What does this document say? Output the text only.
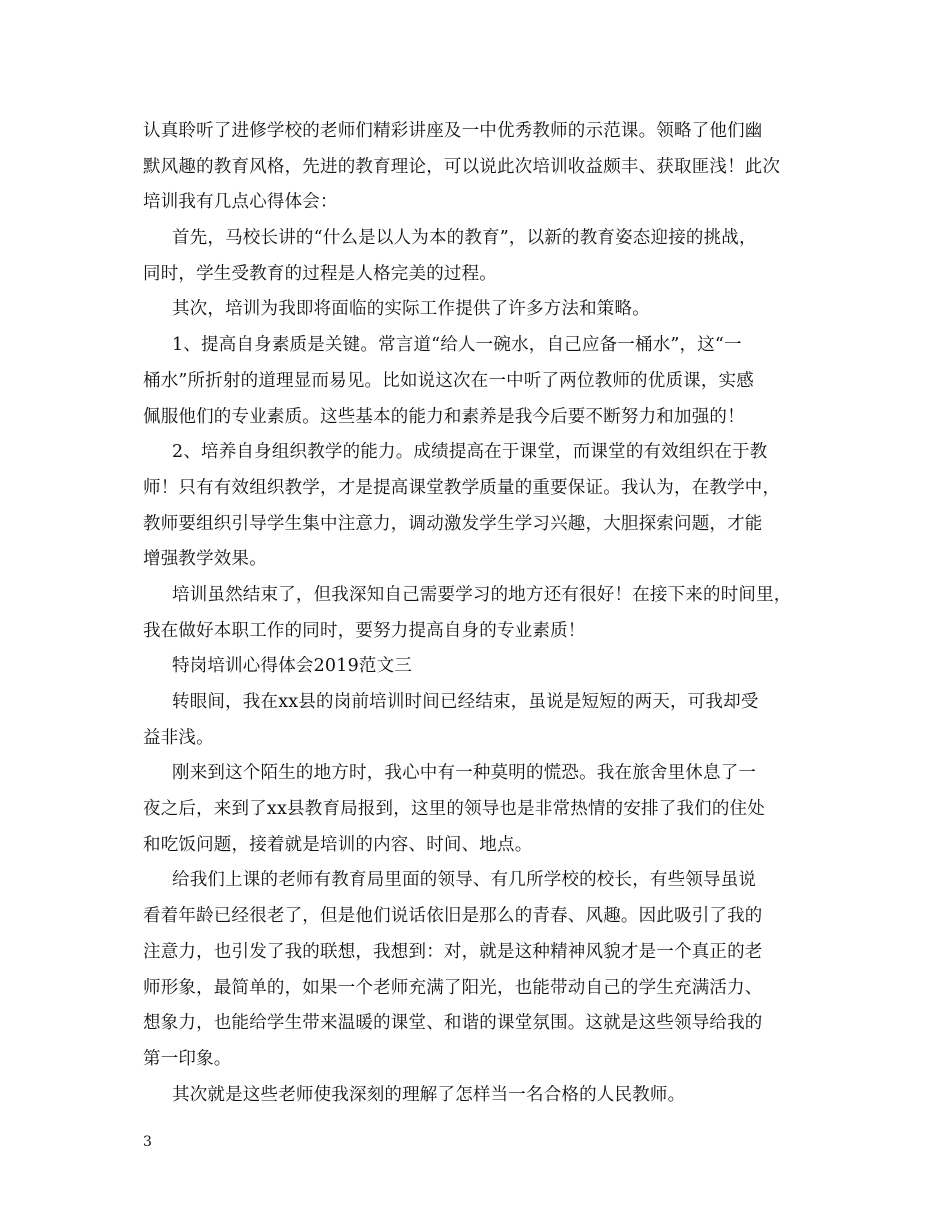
认真聆听了进修学校的老师们精彩讲座及一中优秀教师的示范课。领略了他们幽
默风趣的教育风格，先进的教育理论，可以说此次培训收益颇丰、获取匪浅！此次
培训我有几点心得体会：
首先，马校长讲的“什么是以人为本的教育”，以新的教育姿态迎接的挑战，
同时，学生受教育的过程是人格完美的过程。
其次，培训为我即将面临的实际工作提供了许多方法和策略。
1、提高自身素质是关键。常言道“给人一碗水，自己应备一桶水”，这“一
桶水”所折射的道理显而易见。比如说这次在一中听了两位教师的优质课，实感
佩服他们的专业素质。这些基本的能力和素养是我今后要不断努力和加强的！
2、培养自身组织教学的能力。成绩提高在于课堂，而课堂的有效组织在于教
师！只有有效组织教学，才是提高课堂教学质量的重要保证。我认为，在教学中，
教师要组织引导学生集中注意力，调动激发学生学习兴趣，大胆探索问题，才能
增强教学效果。
培训虽然结束了，但我深知自己需要学习的地方还有很好！在接下来的时间里，
我在做好本职工作的同时，要努力提高自身的专业素质！
特岗培训心得体会2019范文三
转眼间，我在xx县的岗前培训时间已经结束，虽说是短短的两天，可我却受
益非浅。
刚来到这个陌生的地方时，我心中有一种莫明的慌恐。我在旅舍里休息了一
夜之后，来到了xx县教育局报到，这里的领导也是非常热情的安排了我们的住处
和吃饭问题，接着就是培训的内容、时间、地点。
给我们上课的老师有教育局里面的领导、有几所学校的校长，有些领导虽说
看着年龄已经很老了，但是他们说话依旧是那么的青春、风趣。因此吸引了我的
注意力，也引发了我的联想，我想到：对，就是这种精神风貌才是一个真正的老
师形象，最简单的，如果一个老师充满了阳光，也能带动自己的学生充满活力、
想象力，也能给学生带来温暖的课堂、和谐的课堂氛围。这就是这些领导给我的
第一印象。
其次就是这些老师使我深刻的理解了怎样当一名合格的人民教师。
3
